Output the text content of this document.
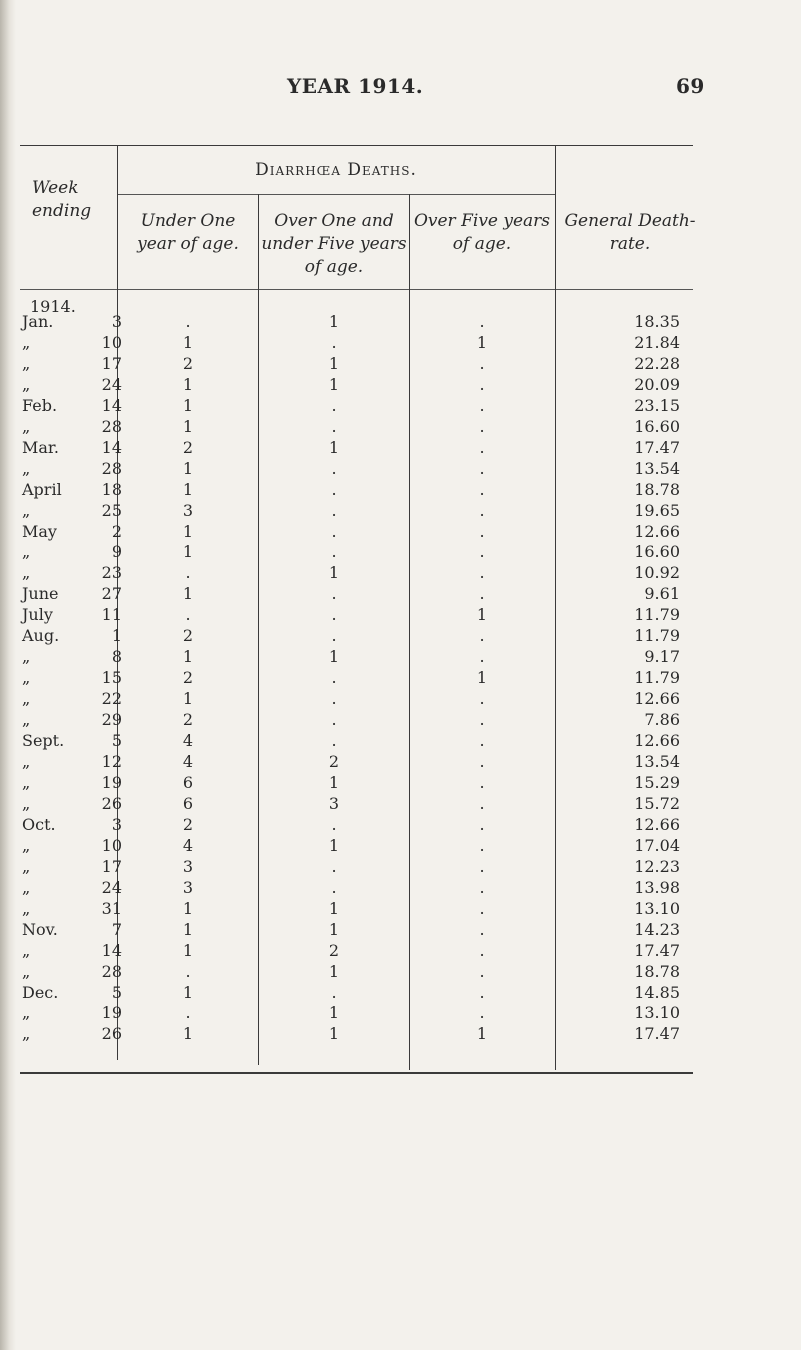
YEAR 1914.	69
Week ending
Diarrhœa Deaths.
Under One year of age.
Over One and under Five years of age.
Over Five years of age.
General Death-rate.
1914.
Jan.	3	.	1	.	18.35
„	10	1	.	1	21.84
„	17	2	1	.	22.28
„	24	1	1	.	20.09
Feb.	14	1	.	.	23.15
„	28	1	.	.	16.60
Mar.	14	2	1	.	17.47
„	28	1	.	.	13.54
April	18	1	.	.	18.78
„	25	3	.	.	19.65
May	2	1	.	.	12.66
„	9	1	.	.	16.60
„	23	.	1	.	10.92
June	27	1	.	.	9.61
July	11	.	.	1	11.79
Aug.	1	2	.	.	11.79
„	8	1	1	.	9.17
„	15	2	.	1	11.79
„	22	1	.	.	12.66
„	29	2	.	.	7.86
Sept.	5	4	.	.	12.66
„	12	4	2	.	13.54
„	19	6	1	.	15.29
„	26	6	3	.	15.72
Oct.	3	2	.	.	12.66
„	10	4	1	.	17.04
„	17	3	.	.	12.23
„	24	3	.	.	13.98
„	31	1	1	.	13.10
Nov.	7	1	1	.	14.23
„	14	1	2	.	17.47
„	28	.	1	.	18.78
Dec.	5	1	.	.	14.85
„	19	.	1	.	13.10
„	26	1	1	1	17.47
